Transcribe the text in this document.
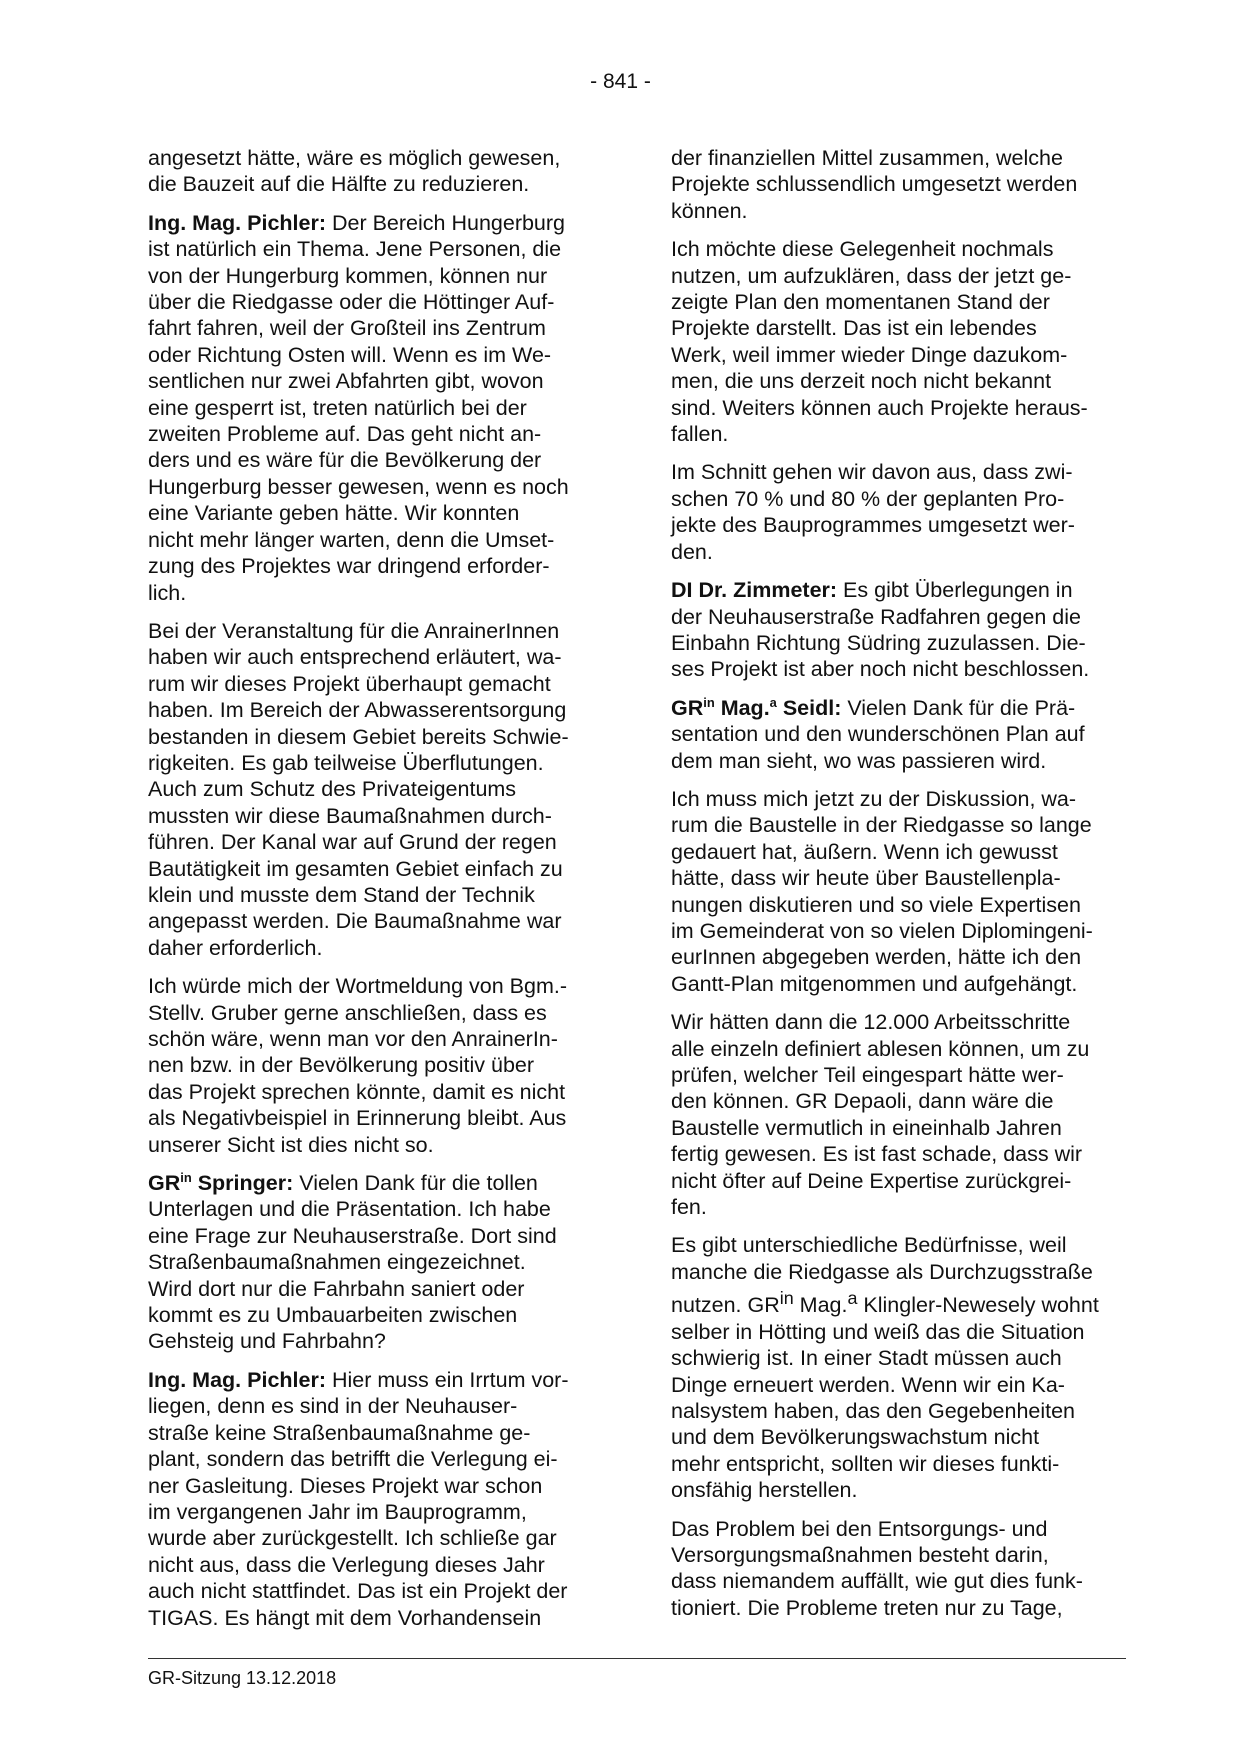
- 841 -

angesetzt hätte, wäre es möglich gewesen,
die Bauzeit auf die Hälfte zu reduzieren.

Ing. Mag. Pichler: Der Bereich Hungerburg
ist natürlich ein Thema. Jene Personen, die
von der Hungerburg kommen, können nur
über die Riedgasse oder die Höttinger Auf-
fahrt fahren, weil der Großteil ins Zentrum
oder Richtung Osten will. Wenn es im We-
sentlichen nur zwei Abfahrten gibt, wovon
eine gesperrt ist, treten natürlich bei der
zweiten Probleme auf. Das geht nicht an-
ders und es wäre für die Bevölkerung der
Hungerburg besser gewesen, wenn es noch
eine Variante geben hätte. Wir konnten
nicht mehr länger warten, denn die Umset-
zung des Projektes war dringend erforder-
lich.

Bei der Veranstaltung für die AnrainerInnen
haben wir auch entsprechend erläutert, wa-
rum wir dieses Projekt überhaupt gemacht
haben. Im Bereich der Abwasserentsorgung
bestanden in diesem Gebiet bereits Schwie-
rigkeiten. Es gab teilweise Überflutungen.
Auch zum Schutz des Privateigentums
mussten wir diese Baumaßnahmen durch-
führen. Der Kanal war auf Grund der regen
Bautätigkeit im gesamten Gebiet einfach zu
klein und musste dem Stand der Technik
angepasst werden. Die Baumaßnahme war
daher erforderlich.

Ich würde mich der Wortmeldung von Bgm.-
Stellv. Gruber gerne anschließen, dass es
schön wäre, wenn man vor den AnrainerIn-
nen bzw. in der Bevölkerung positiv über
das Projekt sprechen könnte, damit es nicht
als Negativbeispiel in Erinnerung bleibt. Aus
unserer Sicht ist dies nicht so.

$GR^{in}$ Springer: Vielen Dank für die tollen
Unterlagen und die Präsentation. Ich habe
eine Frage zur Neuhauserstraße. Dort sind
Straßenbaumaßnahmen eingezeichnet.
Wird dort nur die Fahrbahn saniert oder
kommt es zu Umbauarbeiten zwischen
Gehsteig und Fahrbahn?

Ing. Mag. Pichler: Hier muss ein Irrtum vor-
liegen, denn es sind in der Neuhauser-
straße keine Straßenbaumaßnahme ge-
plant, sondern das betrifft die Verlegung ei-
ner Gasleitung. Dieses Projekt war schon
im vergangenen Jahr im Bauprogramm,
wurde aber zurückgestellt. Ich schließe gar
nicht aus, dass die Verlegung dieses Jahr
auch nicht stattfindet. Das ist ein Projekt der
TIGAS. Es hängt mit dem Vorhandensein

der finanziellen Mittel zusammen, welche
Projekte schlussendlich umgesetzt werden
können.

Ich möchte diese Gelegenheit nochmals
nutzen, um aufzuklären, dass der jetzt ge-
zeigte Plan den momentanen Stand der
Projekte darstellt. Das ist ein lebendes
Werk, weil immer wieder Dinge dazukom-
men, die uns derzeit noch nicht bekannt
sind. Weiters können auch Projekte heraus-
fallen.

Im Schnitt gehen wir davon aus, dass zwi-
schen 70 % und 80 % der geplanten Pro-
jekte des Bauprogrammes umgesetzt wer-
den.

DI Dr. Zimmeter: Es gibt Überlegungen in
der Neuhauserstraße Radfahren gegen die
Einbahn Richtung Südring zuzulassen. Die-
ses Projekt ist aber noch nicht beschlossen.

$GR^{in}$ Mag.$^a$ Seidl: Vielen Dank für die Prä-
sentation und den wunderschönen Plan auf
dem man sieht, wo was passieren wird.

Ich muss mich jetzt zu der Diskussion, wa-
rum die Baustelle in der Riedgasse so lange
gedauert hat, äußern. Wenn ich gewusst
hätte, dass wir heute über Baustellenpla-
nungen diskutieren und so viele Expertisen
im Gemeinderat von so vielen Diplomingeni-
eurInnen abgegeben werden, hätte ich den
Gantt-Plan mitgenommen und aufgehängt.

Wir hätten dann die 12.000 Arbeitsschritte
alle einzeln definiert ablesen können, um zu
prüfen, welcher Teil eingespart hätte wer-
den können. GR Depaoli, dann wäre die
Baustelle vermutlich in eineinhalb Jahren
fertig gewesen. Es ist fast schade, dass wir
nicht öfter auf Deine Expertise zurückgrei-
fen.

Es gibt unterschiedliche Bedürfnisse, weil
manche die Riedgasse als Durchzugsstraße
nutzen. $GR^{in}$ Mag.$^a$ Klingler-Newesely wohnt
selber in Hötting und weiß das die Situation
schwierig ist. In einer Stadt müssen auch
Dinge erneuert werden. Wenn wir ein Ka-
nalsystem haben, das den Gegebenheiten
und dem Bevölkerungswachstum nicht
mehr entspricht, sollten wir dieses funkti-
onsfähig herstellen.

Das Problem bei den Entsorgungs- und
Versorgungsmaßnahmen besteht darin,
dass niemandem auffällt, wie gut dies funk-
tioniert. Die Probleme treten nur zu Tage,

GR-Sitzung 13.12.2018
